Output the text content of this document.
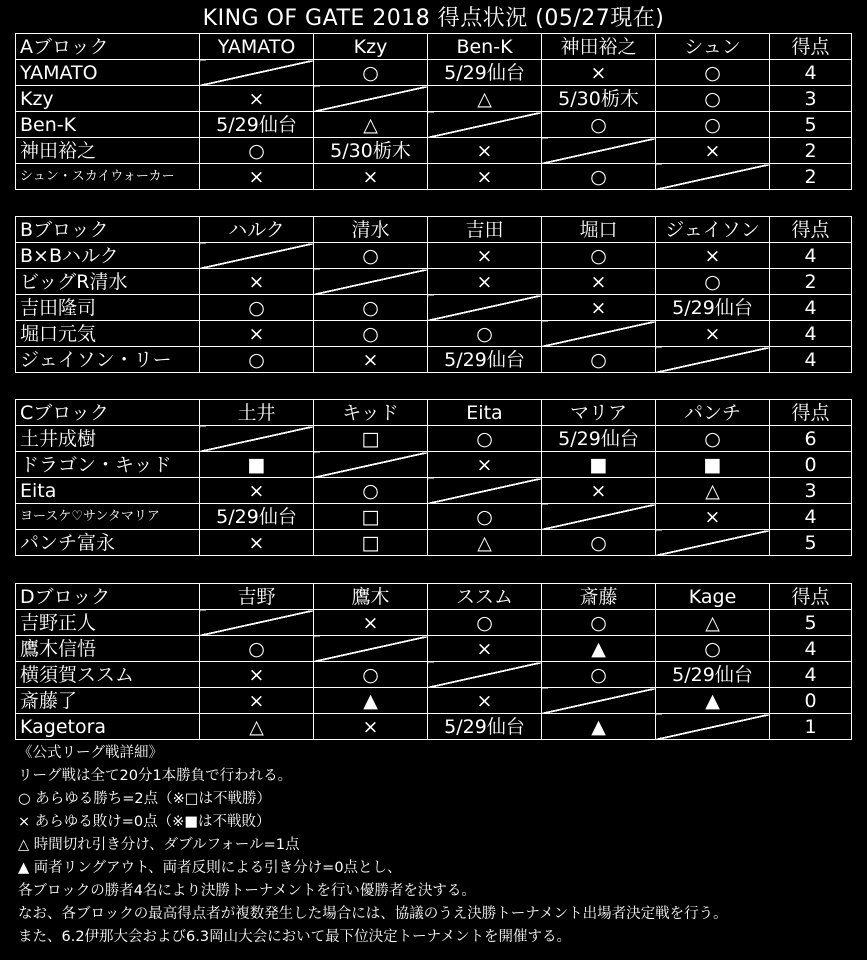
KING OF GATE 2018 得点状況 (05/27現在)
Aブロック	YAMATO	Kzy	Ben-K	神田裕之	シュン	得点
YAMATO		○	5/29仙台	×	○	4
Kzy	×		△	5/30栃木	○	3
Ben-K	5/29仙台	△		○	○	5
神田裕之	○	5/30栃木	×		×	2
シュン・スカイウォーカー	×	×	×	○		2
Bブロック	ハルク	清水	吉田	堀口	ジェイソン	得点
B×Bハルク		○	×	○	×	4
ビッグR清水	×		×	×	○	2
吉田隆司	○	○		×	5/29仙台	4
堀口元気	×	○	○		×	4
ジェイソン・リー	○	×	5/29仙台	○		4
Cブロック	土井	キッド	Eita	マリア	パンチ	得点
土井成樹		□	○	5/29仙台	○	6
ドラゴン・キッド	■		×	■	■	0
Eita	×	○		×	△	3
ヨースケ♡サンタマリア	5/29仙台	□	○		×	4
パンチ富永	×	□	△	○		5
Dブロック	吉野	鷹木	ススム	斎藤	Kage	得点
吉野正人		×	○	○	△	5
鷹木信悟	○		×	▲	○	4
横須賀ススム	×	○		○	5/29仙台	4
斎藤了	×	▲	×		▲	0
Kagetora	△	×	5/29仙台	▲		1
《公式リーグ戦詳細》
リーグ戦は全て20分1本勝負で行われる。
○ あらゆる勝ち=2点（※□は不戦勝）
× あらゆる敗け=0点（※■は不戦敗）
△ 時間切れ引き分け、ダブルフォール=1点
▲ 両者リングアウト、両者反則による引き分け=0点とし、
各ブロックの勝者4名により決勝トーナメントを行い優勝者を決する。
なお、各ブロックの最高得点者が複数発生した場合には、協議のうえ決勝トーナメント出場者決定戦を行う。
また、6.2伊那大会および6.3岡山大会において最下位決定トーナメントを開催する。
